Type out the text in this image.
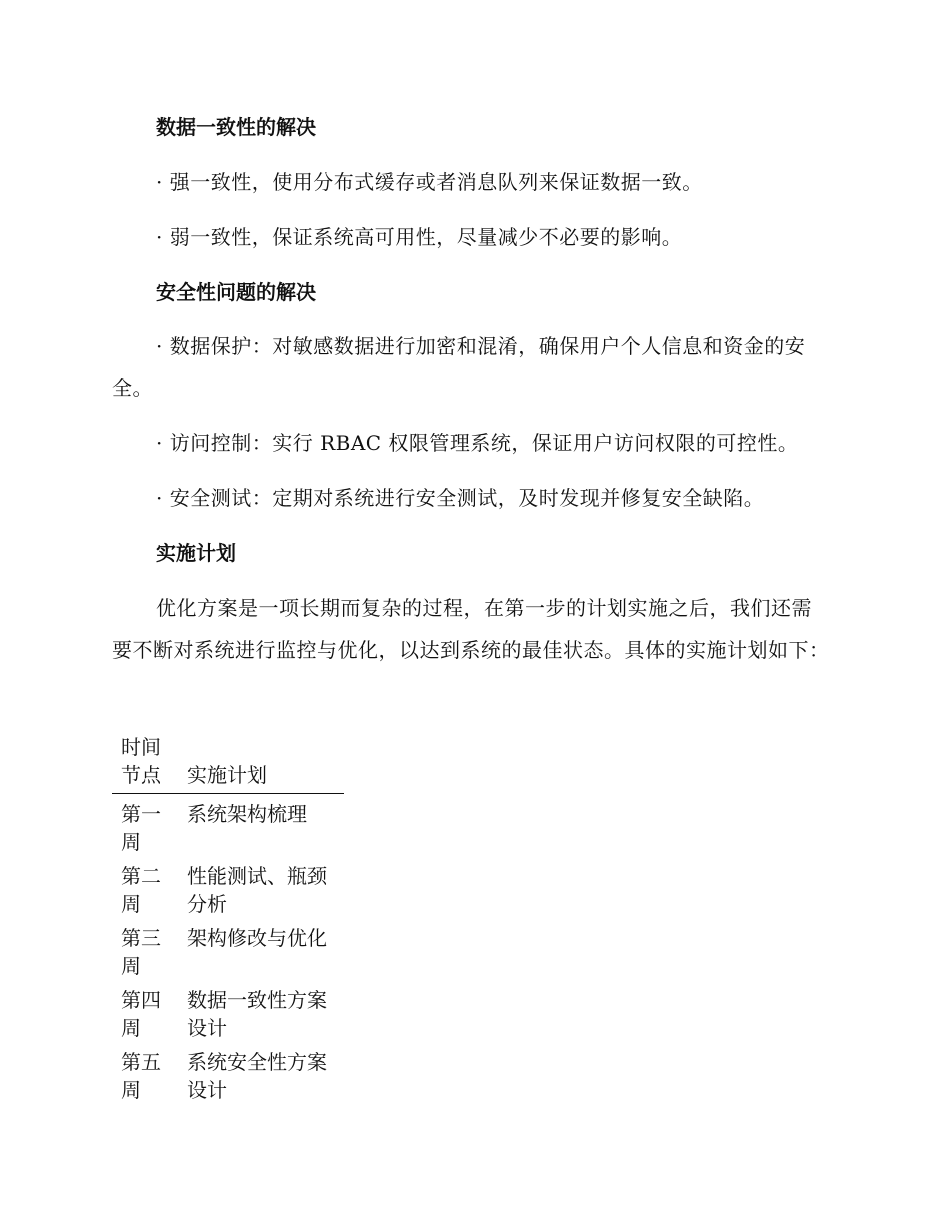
数据一致性的解决
· 强一致性，使用分布式缓存或者消息队列来保证数据一致。
· 弱一致性，保证系统高可用性，尽量减少不必要的影响。
安全性问题的解决
· 数据保护：对敏感数据进行加密和混淆，确保用户个人信息和资金的安全。
· 访问控制：实行 RBAC 权限管理系统，保证用户访问权限的可控性。
· 安全测试：定期对系统进行安全测试，及时发现并修复安全缺陷。
实施计划
优化方案是一项长期而复杂的过程，在第一步的计划实施之后，我们还需要不断对系统进行监控与优化，以达到系统的最佳状态。具体的实施计划如下：
时间节点	实施计划
第一周
系统架构梳理
第二周
性能测试、瓶颈分析
第三周
架构修改与优化
第四周
数据一致性方案设计
第五周
系统安全性方案设计
